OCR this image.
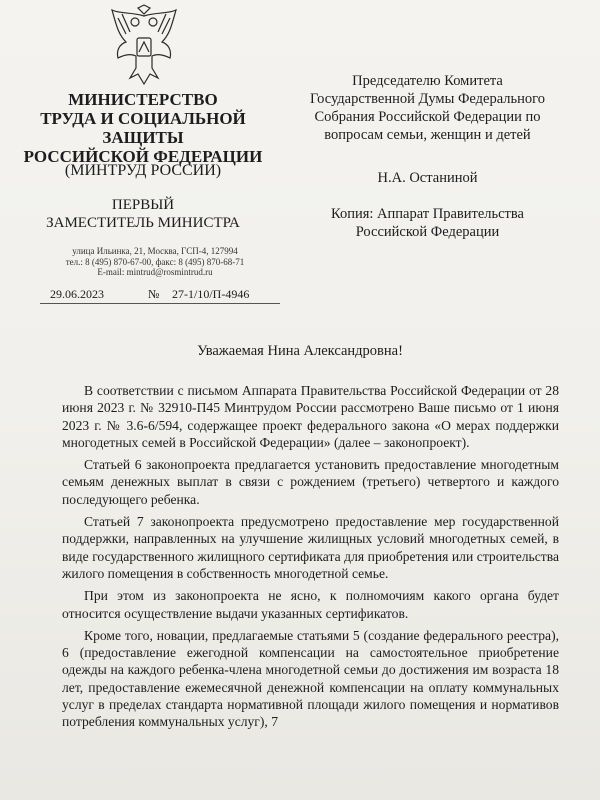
МИНИСТЕРСТВО
ТРУДА И СОЦИАЛЬНОЙ
ЗАЩИТЫ
РОССИЙСКОЙ ФЕДЕРАЦИИ
(МИНТРУД РОССИИ)
ПЕРВЫЙ
ЗАМЕСТИТЕЛЬ МИНИСТРА
улица Ильинка, 21, Москва, ГСП-4, 127994
тел.: 8 (495) 870-67-00, факс: 8 (495) 870-68-71
E-mail: mintrud@rosmintrud.ru
29.06.2023	№ 27-1/10/П-4946
Председателю Комитета
Государственной Думы Федерального
Собрания Российской Федерации по
вопросам семьи, женщин и детей
Н.А. Останиной
Копия: Аппарат Правительства
Российской Федерации
Уважаемая Нина Александровна!

В соответствии с письмом Аппарата Правительства Российской Федерации от 28 июня 2023 г. № 32910-П45 Минтрудом России рассмотрено Ваше письмо от 1 июня 2023 г. № 3.6-6/594, содержащее проект федерального закона «О мерах поддержки многодетных семей в Российской Федерации» (далее – законопроект).

Статьей 6 законопроекта предлагается установить предоставление многодетным семьям денежных выплат в связи с рождением (третьего) четвертого и каждого последующего ребенка.

Статьей 7 законопроекта предусмотрено предоставление мер государственной поддержки, направленных на улучшение жилищных условий многодетных семей, в виде государственного жилищного сертификата для приобретения или строительства жилого помещения в собственность многодетной семье.

При этом из законопроекта не ясно, к полномочиям какого органа будет относится осуществление выдачи указанных сертификатов.

Кроме того, новации, предлагаемые статьями 5 (создание федерального реестра), 6 (предоставление ежегодной компенсации на самостоятельное приобретение одежды на каждого ребенка-члена многодетной семьи до достижения им возраста 18 лет, предоставление ежемесячной денежной компенсации на оплату коммунальных услуг в пределах стандарта нормативной площади жилого помещения и нормативов потребления коммунальных услуг), 7
